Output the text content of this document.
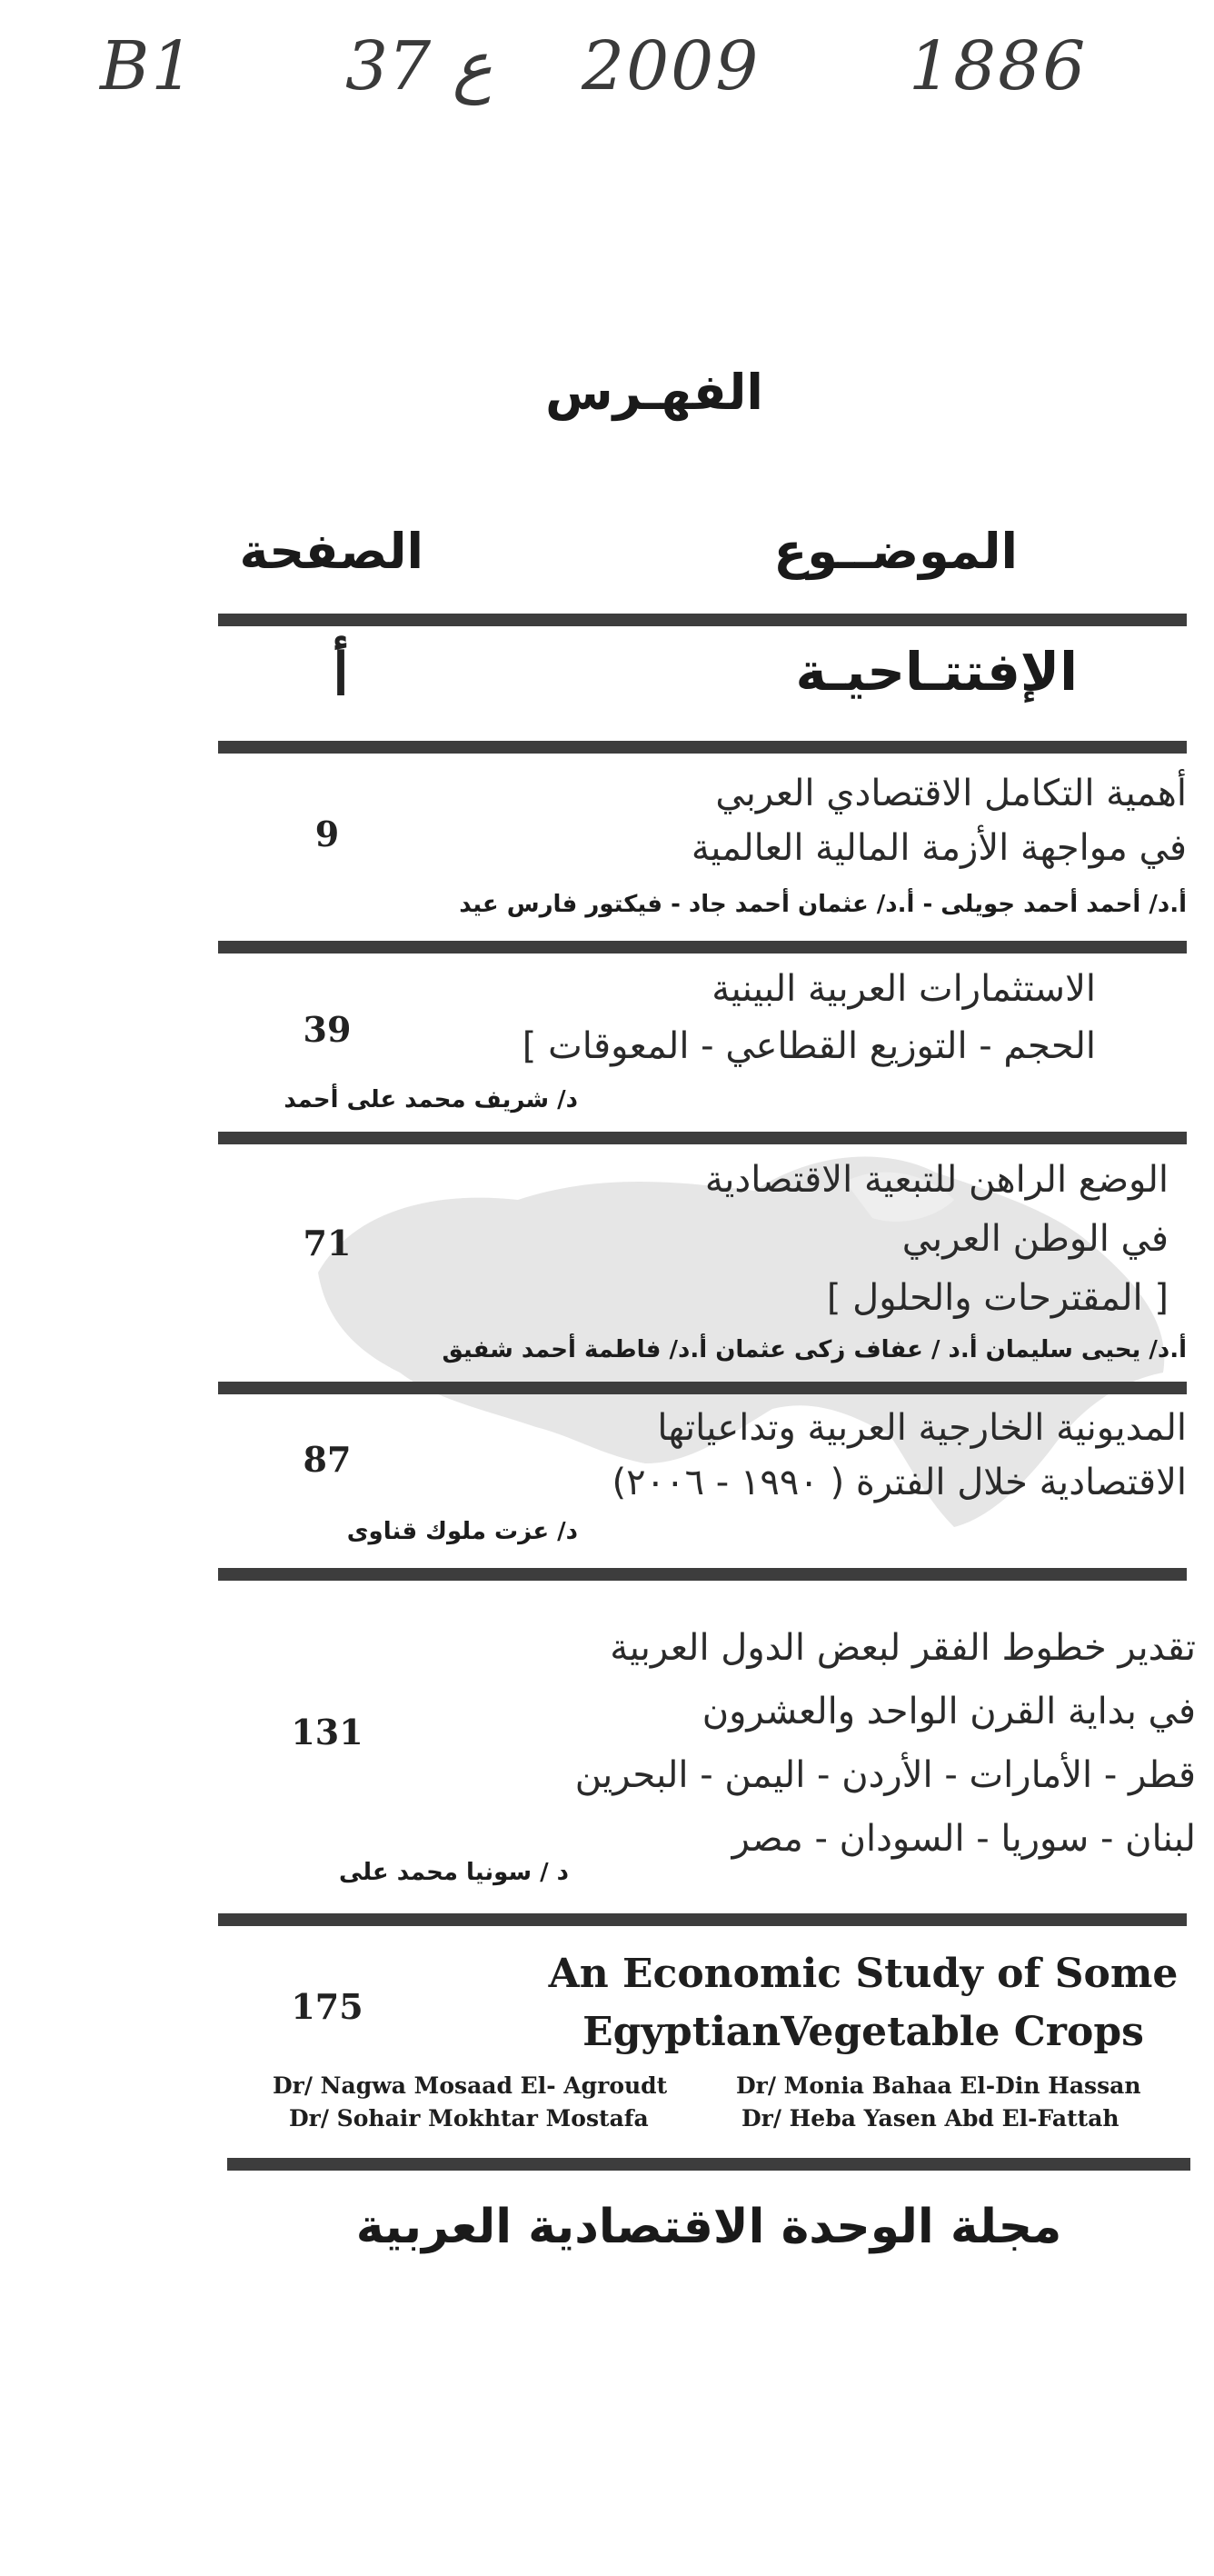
B1 37 ع 2009 1886
الفهـرس
الموضــوع
الصفحة
الإفتتـاحيـة
أ
أهمية التكامل الاقتصادي العربي
في مواجهة الأزمة المالية العالمية
أ.د/ أحمد أحمد جويلى - أ.د/ عثمان أحمد جاد - فيكتور فارس عيد
9
الاستثمارات العربية البينية
الحجم - التوزيع القطاعي - المعوقات ]
د/ شريف محمد على أحمد
39
الوضع الراهن للتبعية الاقتصادية
في الوطن العربي
[ المقترحات والحلول ]
أ.د/ يحيى سليمان أ.د / عفاف زكى عثمان أ.د/ فاطمة أحمد شفيق
71
المديونية الخارجية العربية وتداعياتها
الاقتصادية خلال الفترة ( ١٩٩٠ - ٢٠٠٦)
د/ عزت ملوك قناوى
87
تقدير خطوط الفقر لبعض الدول العربية
في بداية القرن الواحد والعشرون
قطر - الأمارات - الأردن - اليمن - البحرين
لبنان - سوريا - السودان - مصر
د / سونيا محمد على
131
An Economic Study of Some
EgyptianVegetable Crops
175
Dr/ Nagwa Mosaad El- Agroudt	Dr/ Monia Bahaa El-Din Hassan
Dr/ Sohair Mokhtar Mostafa	Dr/ Heba Yasen Abd El-Fattah
مجلة الوحدة الاقتصادية العربية
